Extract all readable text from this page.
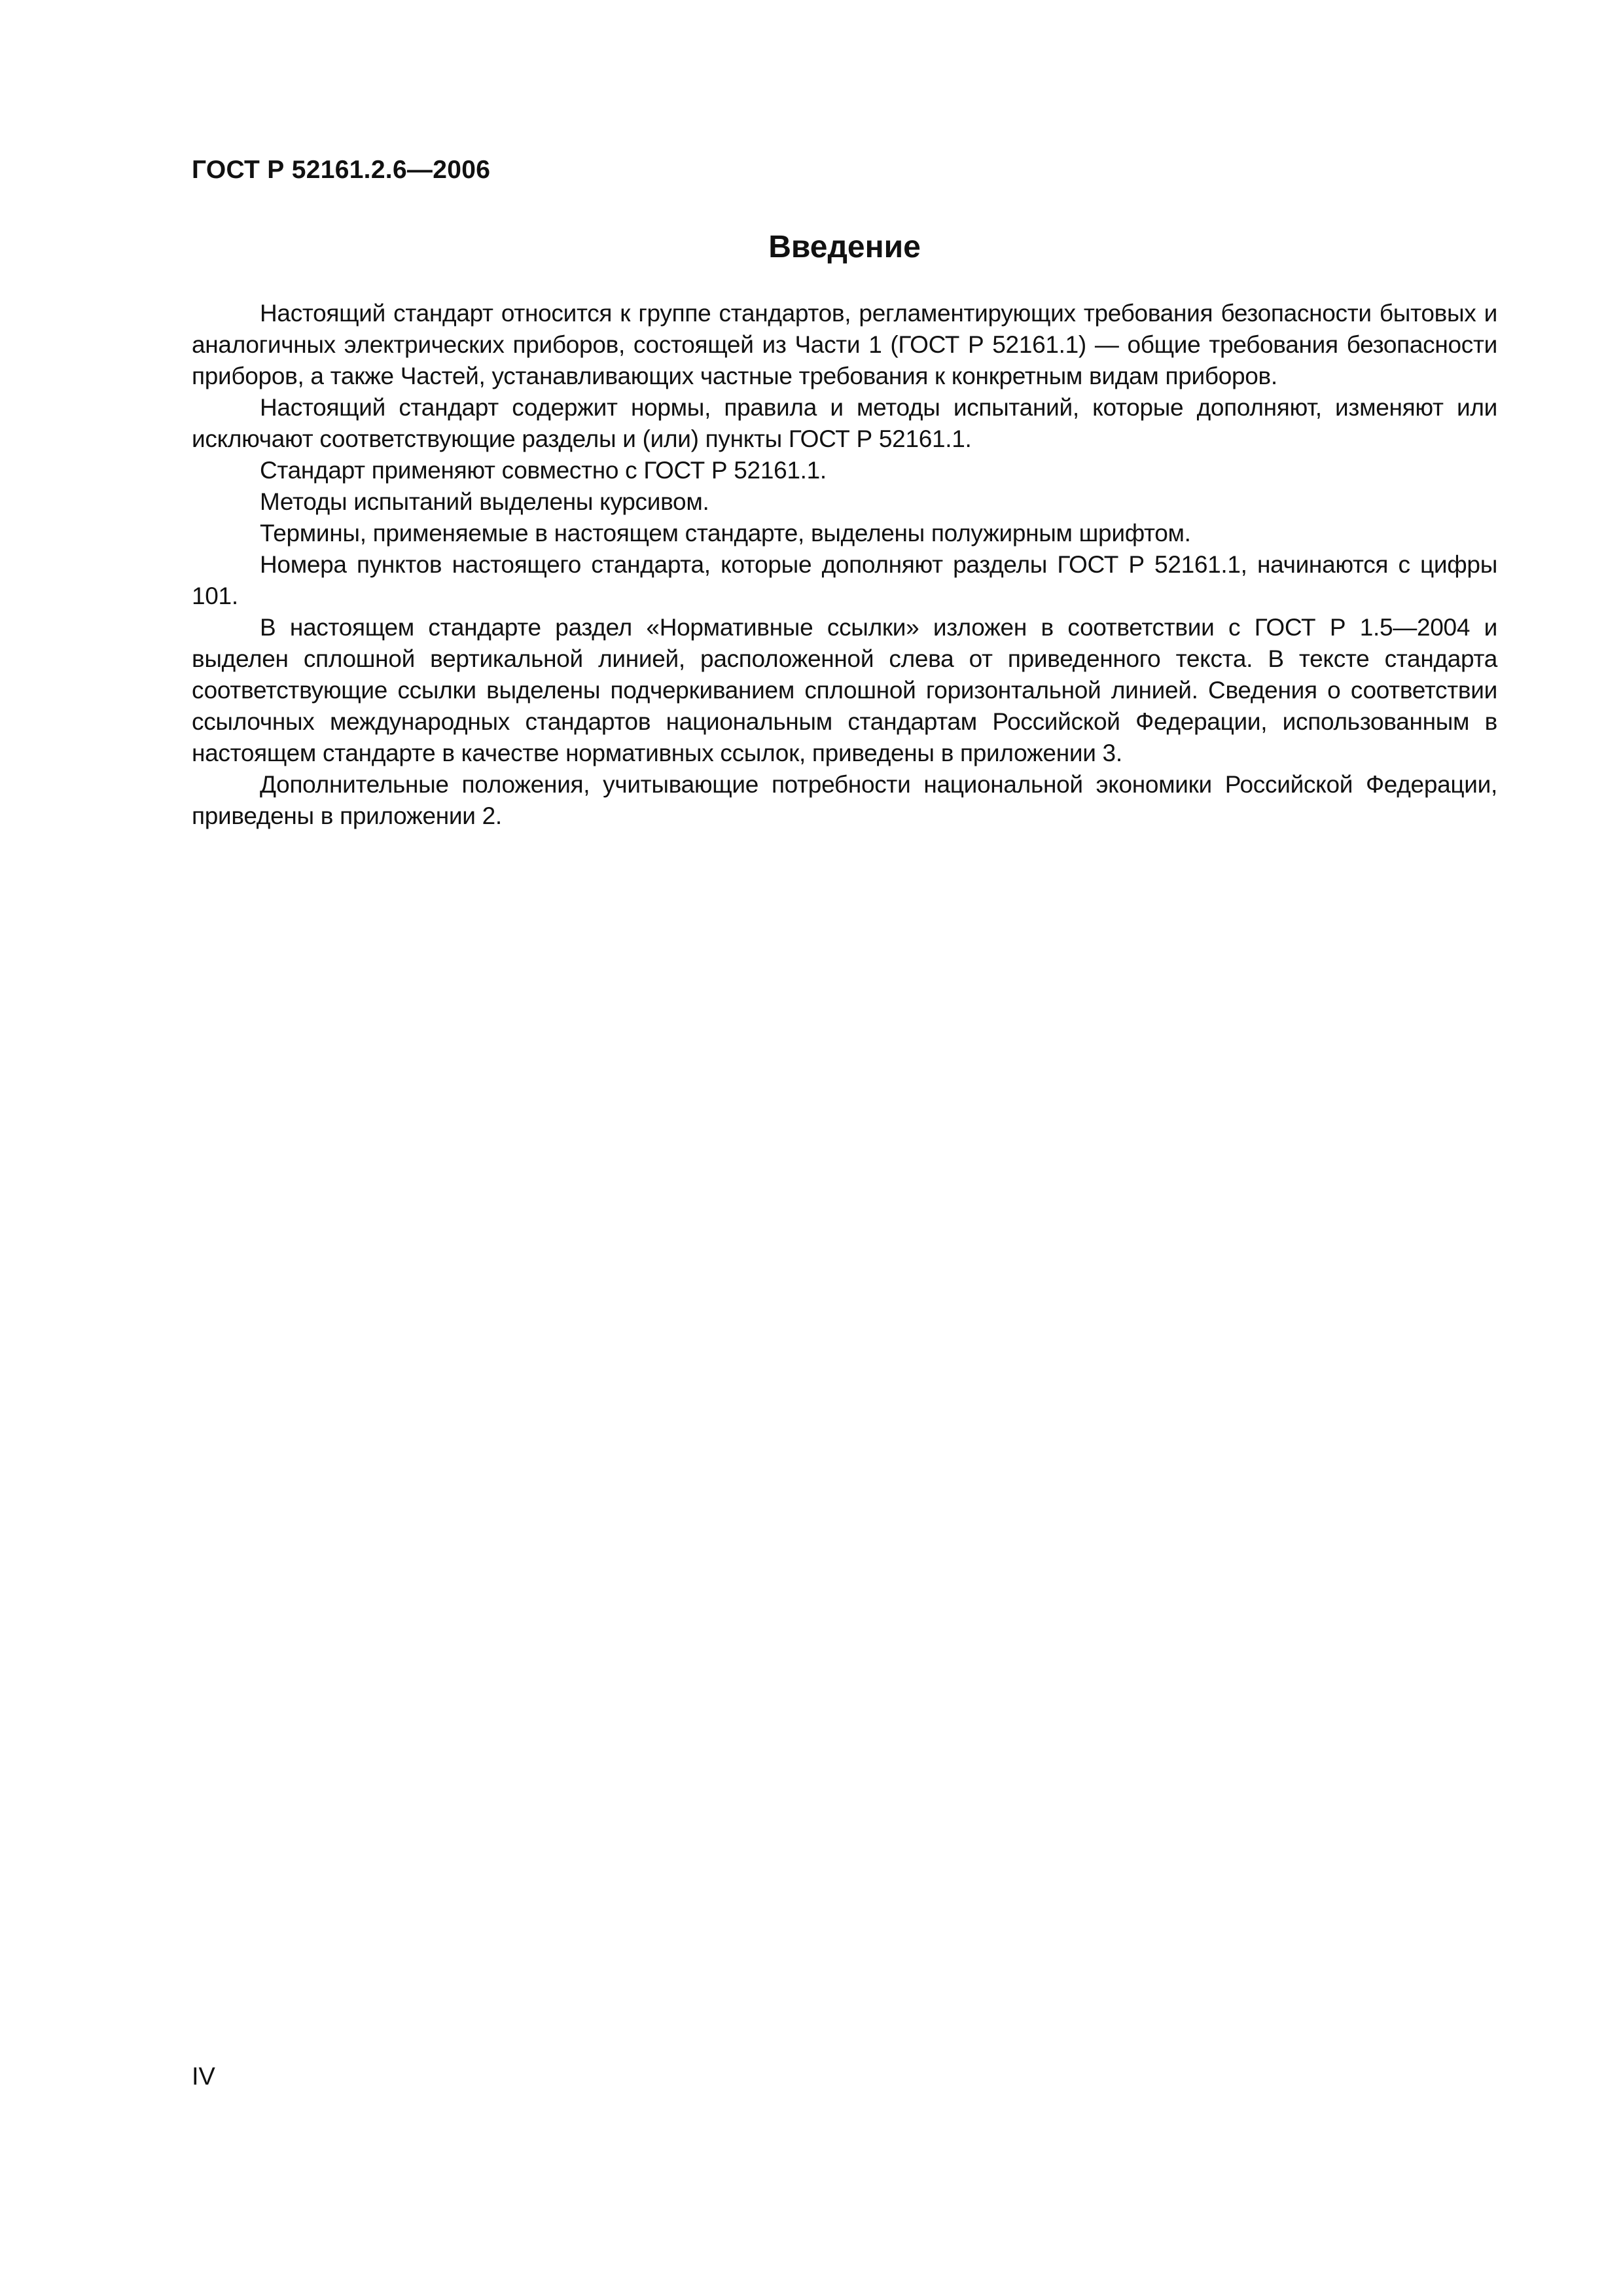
ГОСТ Р 52161.2.6—2006
Введение

Настоящий стандарт относится к группе стандартов, регламентирующих требования безопасности бытовых и аналогичных электрических приборов, состоящей из Части 1 (ГОСТ Р 52161.1) — общие требования безопасности приборов, а также Частей, устанавливающих частные требования к конкретным видам приборов.

Настоящий стандарт содержит нормы, правила и методы испытаний, которые дополняют, изменяют или исключают соответствующие разделы и (или) пункты ГОСТ Р 52161.1.

Стандарт применяют совместно с ГОСТ Р 52161.1.

Методы испытаний выделены курсивом.

Термины, применяемые в настоящем стандарте, выделены полужирным шрифтом.

Номера пунктов настоящего стандарта, которые дополняют разделы ГОСТ Р 52161.1, начинаются с цифры 101.

В настоящем стандарте раздел «Нормативные ссылки» изложен в соответствии с ГОСТ Р 1.5—2004 и выделен сплошной вертикальной линией, расположенной слева от приведенного текста. В тексте стандарта соответствующие ссылки выделены подчеркиванием сплошной горизонтальной линией. Сведения о соответствии ссылочных международных стандартов национальным стандартам Российской Федерации, использованным в настоящем стандарте в качестве нормативных ссылок, приведены в приложении 3.

Дополнительные положения, учитывающие потребности национальной экономики Российской Федерации, приведены в приложении 2.

IV
